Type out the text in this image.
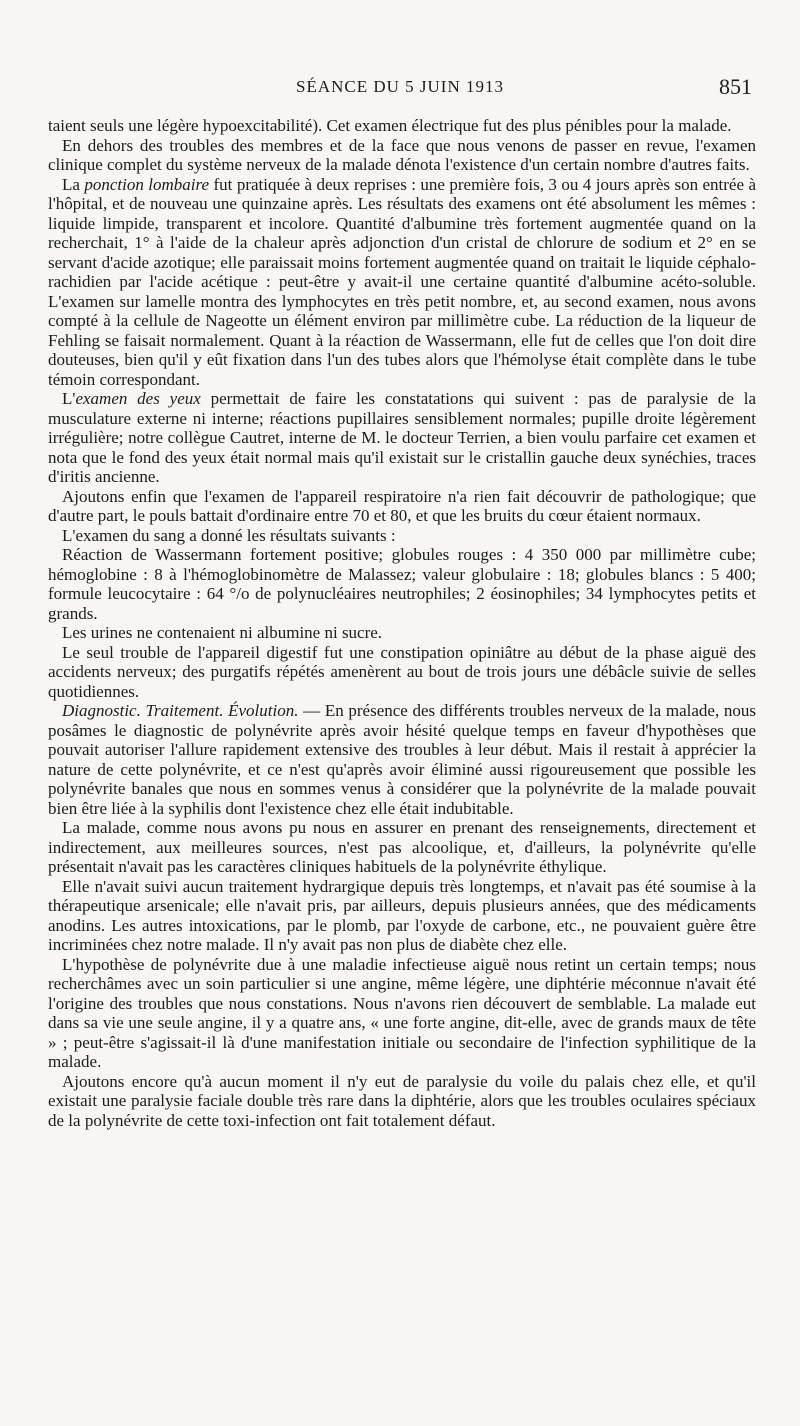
SÉANCE DU 5 JUIN 1913	851

taient seuls une légère hypoexcitabilité). Cet examen électrique fut des plus pénibles pour la malade.

En dehors des troubles des membres et de la face que nous venons de passer en revue, l'examen clinique complet du système nerveux de la malade dénota l'existence d'un certain nombre d'autres faits.

La ponction lombaire fut pratiquée à deux reprises : une première fois, 3 ou 4 jours après son entrée à l'hôpital, et de nouveau une quinzaine après. Les résultats des examens ont été absolument les mêmes : liquide limpide, transparent et incolore. Quantité d'albumine très fortement augmentée quand on la recherchait, 1° à l'aide de la chaleur après adjonction d'un cristal de chlorure de sodium et 2° en se servant d'acide azotique; elle paraissait moins fortement augmentée quand on traitait le liquide céphalo-rachidien par l'acide acétique : peut-être y avait-il une certaine quantité d'albumine acéto-soluble. L'examen sur lamelle montra des lymphocytes en très petit nombre, et, au second examen, nous avons compté à la cellule de Nageotte un élément environ par millimètre cube. La réduction de la liqueur de Fehling se faisait normalement. Quant à la réaction de Wassermann, elle fut de celles que l'on doit dire douteuses, bien qu'il y eût fixation dans l'un des tubes alors que l'hémolyse était complète dans le tube témoin correspondant.

L'examen des yeux permettait de faire les constatations qui suivent : pas de paralysie de la musculature externe ni interne; réactions pupillaires sensiblement normales; pupille droite légèrement irrégulière; notre collègue Cautret, interne de M. le docteur Terrien, a bien voulu parfaire cet examen et nota que le fond des yeux était normal mais qu'il existait sur le cristallin gauche deux synéchies, traces d'iritis ancienne.

Ajoutons enfin que l'examen de l'appareil respiratoire n'a rien fait découvrir de pathologique; que d'autre part, le pouls battait d'ordinaire entre 70 et 80, et que les bruits du cœur étaient normaux.

L'examen du sang a donné les résultats suivants :

Réaction de Wassermann fortement positive; globules rouges : 4 350 000 par millimètre cube; hémoglobine : 8 à l'hémoglobinomètre de Malassez; valeur globulaire : 18; globules blancs : 5 400; formule leucocytaire : 64 °/o de polynucléaires neutrophiles; 2 éosinophiles; 34 lymphocytes petits et grands.

Les urines ne contenaient ni albumine ni sucre.

Le seul trouble de l'appareil digestif fut une constipation opiniâtre au début de la phase aiguë des accidents nerveux; des purgatifs répétés amenèrent au bout de trois jours une débâcle suivie de selles quotidiennes.

Diagnostic. Traitement. Évolution. — En présence des différents troubles nerveux de la malade, nous posâmes le diagnostic de polynévrite après avoir hésité quelque temps en faveur d'hypothèses que pouvait autoriser l'allure rapidement extensive des troubles à leur début. Mais il restait à apprécier la nature de cette polynévrite, et ce n'est qu'après avoir éliminé aussi rigoureusement que possible les polynévrite banales que nous en sommes venus à considérer que la polynévrite de la malade pouvait bien être liée à la syphilis dont l'existence chez elle était indubitable.

La malade, comme nous avons pu nous en assurer en prenant des renseignements, directement et indirectement, aux meilleures sources, n'est pas alcoolique, et, d'ailleurs, la polynévrite qu'elle présentait n'avait pas les caractères cliniques habituels de la polynévrite éthylique.

Elle n'avait suivi aucun traitement hydrargique depuis très longtemps, et n'avait pas été soumise à la thérapeutique arsenicale; elle n'avait pris, par ailleurs, depuis plusieurs années, que des médicaments anodins. Les autres intoxications, par le plomb, par l'oxyde de carbone, etc., ne pouvaient guère être incriminées chez notre malade. Il n'y avait pas non plus de diabète chez elle.

L'hypothèse de polynévrite due à une maladie infectieuse aiguë nous retint un certain temps; nous recherchâmes avec un soin particulier si une angine, même légère, une diphtérie méconnue n'avait été l'origine des troubles que nous constations. Nous n'avons rien découvert de semblable. La malade eut dans sa vie une seule angine, il y a quatre ans, « une forte angine, dit-elle, avec de grands maux de tête » ; peut-être s'agissait-il là d'une manifestation initiale ou secondaire de l'infection syphilitique de la malade.

Ajoutons encore qu'à aucun moment il n'y eut de paralysie du voile du palais chez elle, et qu'il existait une paralysie faciale double très rare dans la diphtérie, alors que les troubles oculaires spéciaux de la polynévrite de cette toxi-infection ont fait totalement défaut.
